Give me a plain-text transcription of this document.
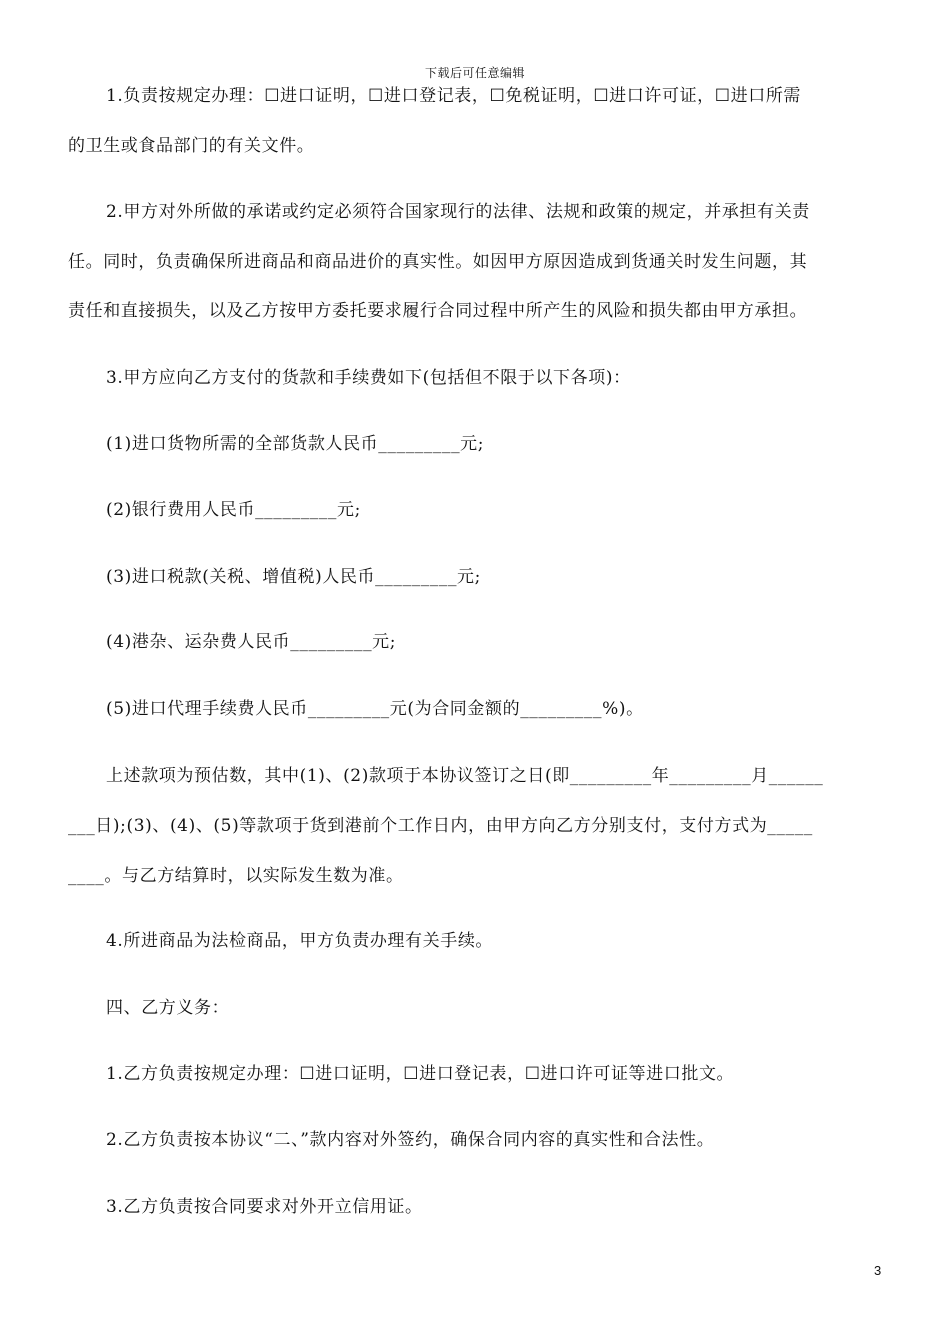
下载后可任意编辑
1.负责按规定办理：☐进口证明，☐进口登记表，☐免税证明，☐进口许可证，☐进口所需
的卫生或食品部门的有关文件。
2.甲方对外所做的承诺或约定必须符合国家现行的法律、法规和政策的规定，并承担有关责
任。同时，负责确保所进商品和商品进价的真实性。如因甲方原因造成到货通关时发生问题，其
责任和直接损失，以及乙方按甲方委托要求履行合同过程中所产生的风险和损失都由甲方承担。
3.甲方应向乙方支付的货款和手续费如下(包括但不限于以下各项)：
(1)进口货物所需的全部货款人民币_________元;
(2)银行费用人民币_________元;
(3)进口税款(关税、增值税)人民币_________元;
(4)港杂、运杂费人民币_________元;
(5)进口代理手续费人民币_________元(为合同金额的_________%)。
上述款项为预估数，其中(1)、(2)款项于本协议签订之日(即_________年_________月______
___日);(3)、(4)、(5)等款项于货到港前个工作日内，由甲方向乙方分别支付，支付方式为_____
____。与乙方结算时，以实际发生数为准。
4.所进商品为法检商品，甲方负责办理有关手续。
四、乙方义务：
1.乙方负责按规定办理：☐进口证明，☐进口登记表，☐进口许可证等进口批文。
2.乙方负责按本协议“二、”款内容对外签约，确保合同内容的真实性和合法性。
3.乙方负责按合同要求对外开立信用证。
3
